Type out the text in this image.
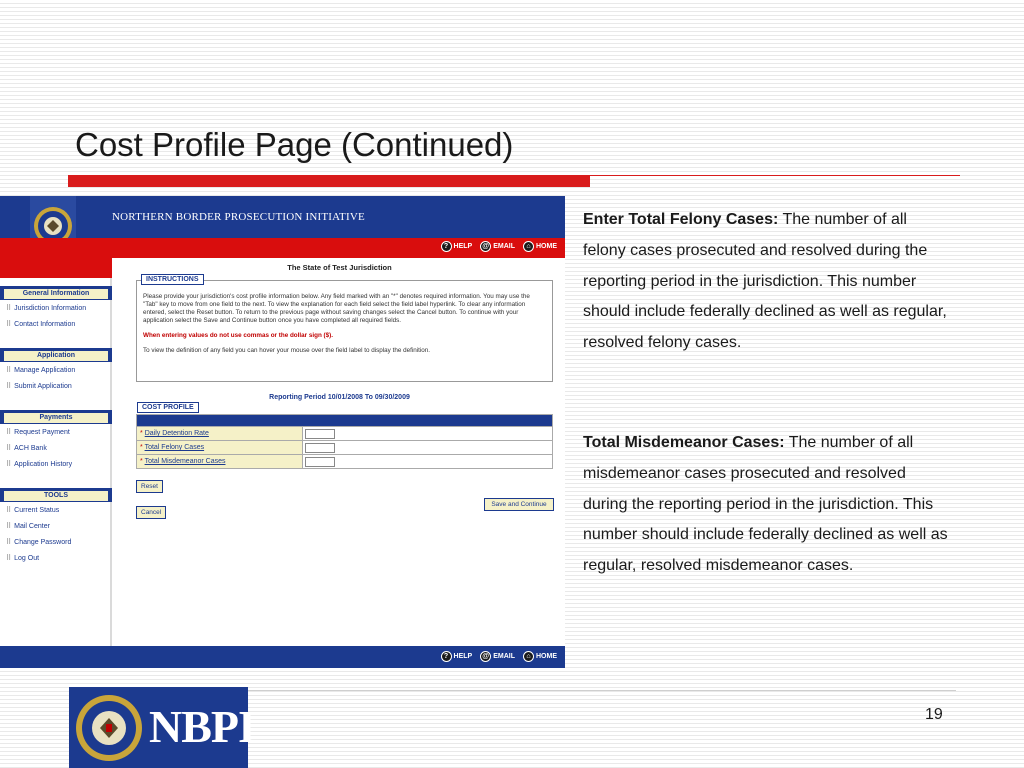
Cost Profile Page (Continued)
NORTHERN BORDER PROSECUTION INITIATIVE
? HELP @ EMAIL	⌂ HOME
General Information
⠿ Jurisdiction Information
⠿ Contact Information
Application
⠿ Manage Application
⠿ Submit Application
Payments
⠿ Request Payment
⠿ ACH Bank
⠿ Application History
TOOLS
⠿ Current Status
⠿ Mail Center
⠿ Change Password
⠿ Log Out
The State of Test Jurisdiction
INSTRUCTIONS

Please provide your jurisdiction's cost profile information below. Any field marked with an "*" denotes required information. You may use the "Tab" key to move from one field to the next. To view the explanation for each field select the field label hyperlink. To clear any information entered, select the Reset button. To return to the previous page without saving changes select the Cancel button. To continue with your application select the Save and Continue button once you have completed all required fields.

When entering values do not use commas or the dollar sign ($).

To view the definition of any field you can hover your mouse over the field label to display the definition.

Reporting Period 10/01/2008 To 09/30/2009
COST PROFILE

* Daily Detention Rate	
* Total Felony Cases	
* Total Misdemeanor Cases	
Reset
Save and Continue
Cancel
? HELP @ EMAIL	⌂ HOME
Enter Total Felony Cases: The number of all felony cases prosecuted and resolved during the reporting period in the jurisdiction. This number should include federally declined as well as regular, resolved felony cases.
Total Misdemeanor Cases: The number of all misdemeanor cases prosecuted and resolved during the reporting period in the jurisdiction. This number should include federally declined as well as regular, resolved misdemeanor cases.
NBPI	19
